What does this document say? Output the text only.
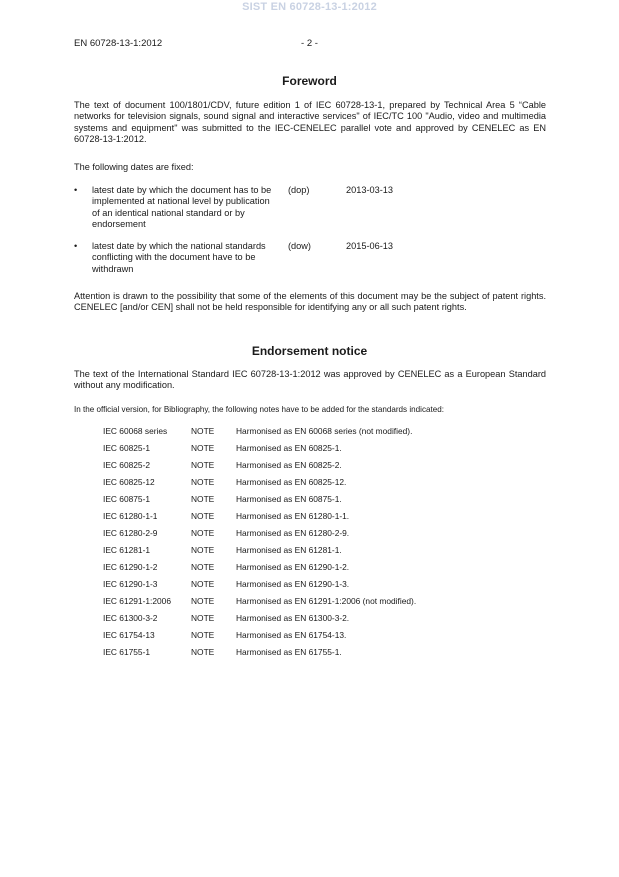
SIST EN 60728-13-1:2012
EN 60728-13-1:2012	- 2 -
Foreword
The text of document 100/1801/CDV, future edition 1 of IEC 60728-13-1, prepared by Technical Area 5 “Cable networks for television signals, sound signal and interactive services" of IEC/TC 100 "Audio, video and multimedia systems and equipment" was submitted to the IEC-CENELEC parallel vote and approved by CENELEC as EN 60728-13-1:2012.
The following dates are fixed:
• latest date by which the document has to be implemented at national level by publication of an identical national standard or by endorsement
(dop)	2013-03-13
• latest date by which the national standards conflicting with the document have to be withdrawn
(dow)	2015-06-13
Attention is drawn to the possibility that some of the elements of this document may be the subject of patent rights. CENELEC [and/or CEN] shall not be held responsible for identifying any or all such patent rights.
Endorsement notice
The text of the International Standard IEC 60728-13-1:2012 was approved by CENELEC as a European Standard without any modification.
In the official version, for Bibliography, the following notes have to be added for the standards indicated:
IEC 60068 series	NOTE	Harmonised as EN 60068 series (not modified).
IEC 60825-1	NOTE	Harmonised as EN 60825-1.
IEC 60825-2	NOTE	Harmonised as EN 60825-2.
IEC 60825-12	NOTE	Harmonised as EN 60825-12.
IEC 60875-1	NOTE	Harmonised as EN 60875-1.
IEC 61280-1-1	NOTE	Harmonised as EN 61280-1-1.
IEC 61280-2-9	NOTE	Harmonised as EN 61280-2-9.
IEC 61281-1	NOTE	Harmonised as EN 61281-1.
IEC 61290-1-2	NOTE	Harmonised as EN 61290-1-2.
IEC 61290-1-3	NOTE	Harmonised as EN 61290-1-3.
IEC 61291-1:2006 NOTE	Harmonised as EN 61291-1:2006 (not modified).
IEC 61300-3-2	NOTE	Harmonised as EN 61300-3-2.
IEC 61754-13	NOTE	Harmonised as EN 61754-13.
IEC 61755-1	NOTE	Harmonised as EN 61755-1.
